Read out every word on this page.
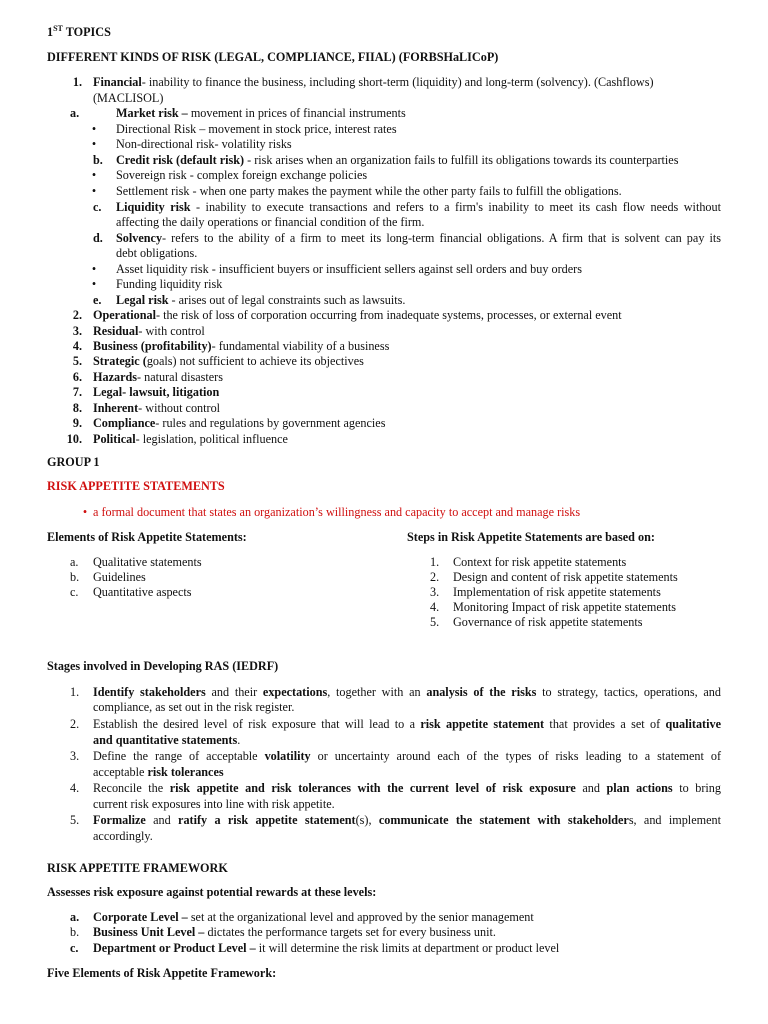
1ST TOPICS
DIFFERENT KINDS OF RISK (LEGAL, COMPLIANCE, FIIAL) (FORBSHaLICoP)
1. Financial- inability to finance the business, including short-term (liquidity) and long-term (solvency). (Cashflows)
(MACLISOL)
a.	Market risk – movement in prices of financial instruments
• Directional Risk – movement in stock price, interest rates
• Non-directional risk- volatility risks
b.	Credit risk (default risk) - risk arises when an organization fails to fulfill its obligations towards its counterparties
• Sovereign risk - complex foreign exchange policies
• Settlement risk - when one party makes the payment while the other party fails to fulfill the obligations.
c.	Liquidity risk - inability to execute transactions and refers to a firm's inability to meet its cash flow needs without
affecting the daily operations or financial condition of the firm.
d.	Solvency- refers to the ability of a firm to meet its long-term financial obligations. A firm that is solvent can pay its
debt obligations.
• Asset liquidity risk - insufficient buyers or insufficient sellers against sell orders and buy orders
• Funding liquidity risk
e.	Legal risk - arises out of legal constraints such as lawsuits.
2. Operational- the risk of loss of corporation occurring from inadequate systems, processes, or external event
3. Residual- with control
4. Business (profitability)- fundamental viability of a business
5. Strategic (goals) not sufficient to achieve its objectives
6. Hazards- natural disasters
7. Legal- lawsuit, litigation
8. Inherent- without control
9. Compliance- rules and regulations by government agencies
10. Political- legislation, political influence
GROUP 1
RISK APPETITE STATEMENTS
• a formal document that states an organization’s willingness and capacity to accept and manage risks
Elements of Risk Appetite Statements:
a. Qualitative statements
b. Guidelines
c. Quantitative aspects
Steps in Risk Appetite Statements are based on:
1. Context for risk appetite statements
2. Design and content of risk appetite statements
3. Implementation of risk appetite statements
4. Monitoring Impact of risk appetite statements
5. Governance of risk appetite statements
Stages involved in Developing RAS (IEDRF)
1. Identify stakeholders and their expectations, together with an analysis of the risks to strategy, tactics, operations, and
compliance, as set out in the risk register.
2. Establish the desired level of risk exposure that will lead to a risk appetite statement that provides a set of qualitative
and quantitative statements.
3. Define the range of acceptable volatility or uncertainty around each of the types of risks leading to a statement of
acceptable risk tolerances
4. Reconcile the risk appetite and risk tolerances with the current level of risk exposure and plan actions to bring
current risk exposures into line with risk appetite.
5. Formalize and ratify a risk appetite statement(s), communicate the statement with stakeholders, and implement
accordingly.
RISK APPETITE FRAMEWORK
Assesses risk exposure against potential rewards at these levels:
a. Corporate Level – set at the organizational level and approved by the senior management
b. Business Unit Level – dictates the performance targets set for every business unit.
c. Department or Product Level – it will determine the risk limits at department or product level
Five Elements of Risk Appetite Framework:
